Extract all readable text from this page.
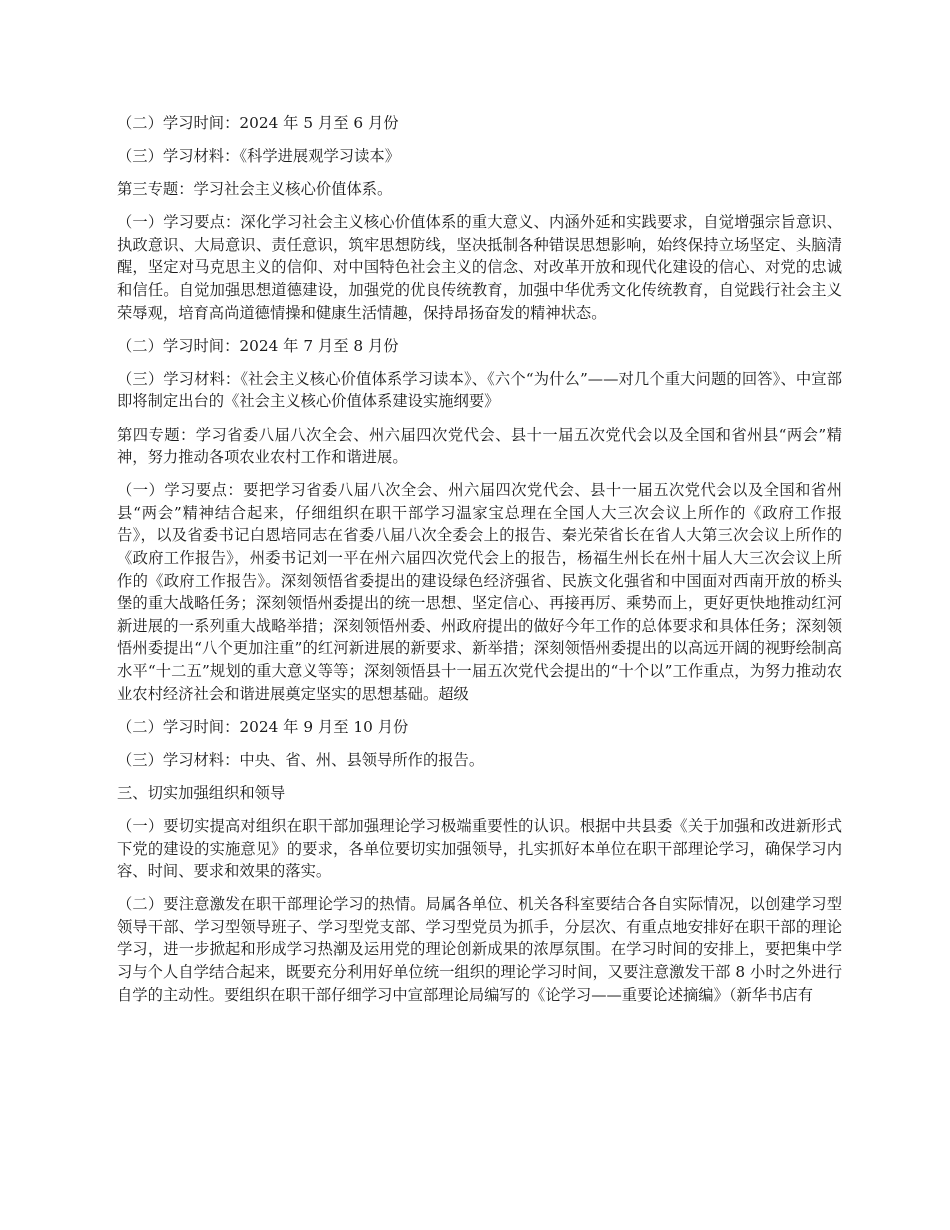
（二）学习时间：2024 年 5 月至 6 月份

（三）学习材料：《科学进展观学习读本》

第三专题：学习社会主义核心价值体系。

（一）学习要点：深化学习社会主义核心价值体系的重大意义、内涵外延和实践要求，自觉增强宗旨意识、执政意识、大局意识、责任意识，筑牢思想防线，坚决抵制各种错误思想影响，始终保持立场坚定、头脑清醒，坚定对马克思主义的信仰、对中国特色社会主义的信念、对改革开放和现代化建设的信心、对党的忠诚和信任。自觉加强思想道德建设，加强党的优良传统教育，加强中华优秀文化传统教育，自觉践行社会主义荣辱观，培育高尚道德情操和健康生活情趣，保持昂扬奋发的精神状态。

（二）学习时间：2024 年 7 月至 8 月份

（三）学习材料：《社会主义核心价值体系学习读本》、《六个“为什么”——对几个重大问题的回答》、中宣部即将制定出台的《社会主义核心价值体系建设实施纲要》

第四专题：学习省委八届八次全会、州六届四次党代会、县十一届五次党代会以及全国和省州县“两会”精神，努力推动各项农业农村工作和谐进展。

（一）学习要点：要把学习省委八届八次全会、州六届四次党代会、县十一届五次党代会以及全国和省州县“两会”精神结合起来，仔细组织在职干部学习温家宝总理在全国人大三次会议上所作的《政府工作报告》，以及省委书记白恩培同志在省委八届八次全委会上的报告、秦光荣省长在省人大第三次会议上所作的《政府工作报告》，州委书记刘一平在州六届四次党代会上的报告，杨福生州长在州十届人大三次会议上所作的《政府工作报告》。深刻领悟省委提出的建设绿色经济强省、民族文化强省和中国面对西南开放的桥头堡的重大战略任务；深刻领悟州委提出的统一思想、坚定信心、再接再厉、乘势而上，更好更快地推动红河新进展的一系列重大战略举措；深刻领悟州委、州政府提出的做好今年工作的总体要求和具体任务；深刻领悟州委提出“八个更加注重”的红河新进展的新要求、新举措；深刻领悟州委提出的以高远开阔的视野绘制高水平“十二五”规划的重大意义等等；深刻领悟县十一届五次党代会提出的“十个以”工作重点，为努力推动农业农村经济社会和谐进展奠定坚实的思想基础。超级

（二）学习时间：2024 年 9 月至 10 月份

（三）学习材料：中央、省、州、县领导所作的报告。

三、切实加强组织和领导

（一）要切实提高对组织在职干部加强理论学习极端重要性的认识。根据中共县委《关于加强和改进新形式下党的建设的实施意见》的要求，各单位要切实加强领导，扎实抓好本单位在职干部理论学习，确保学习内容、时间、要求和效果的落实。

（二）要注意激发在职干部理论学习的热情。局属各单位、机关各科室要结合各自实际情况，以创建学习型领导干部、学习型领导班子、学习型党支部、学习型党员为抓手，分层次、有重点地安排好在职干部的理论学习，进一步掀起和形成学习热潮及运用党的理论创新成果的浓厚氛围。在学习时间的安排上，要把集中学习与个人自学结合起来，既要充分利用好单位统一组织的理论学习时间，又要注意激发干部 8 小时之外进行自学的主动性。要组织在职干部仔细学习中宣部理论局编写的《论学习——重要论述摘编》（新华书店有
